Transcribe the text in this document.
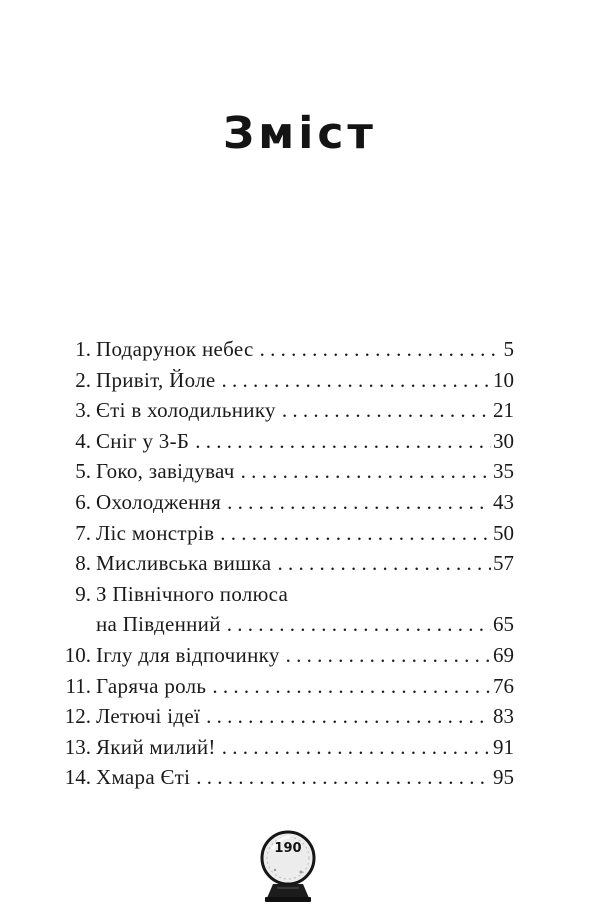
Зміст
1. Подарунок небес . . .	5
2. Привіт, Йоле . . .	10
3. Єті в холодильнику . . .	21
4. Сніг у 3-Б . . .	30
5. Гоко, завідувач . . .	35
6. Охолодження . . .	43
7. Ліс монстрів . . .	50
8. Мисливська вишка . . .	57
9. З Північного полюса
на Південний . . .	65
10. Іглу для відпочинку . . .	69
11. Гаряча роль . . .	76
12. Летючі ідеї . . .	83
13. Який милий! . . .	91
14. Хмара Єті . . .	95
190
